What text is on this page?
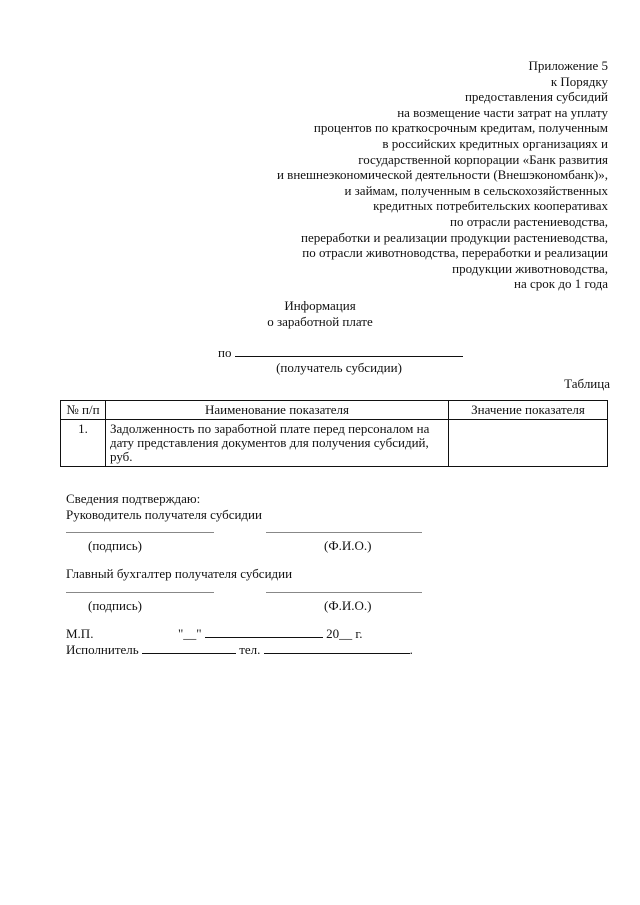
Приложение 5
к Порядку
предоставления субсидий
на возмещение части затрат на уплату
процентов по краткосрочным кредитам, полученным
в российских кредитных организациях и
государственной корпорации «Банк развития
и внешнеэкономической деятельности (Внешэкономбанк)»,
и займам, полученным в сельскохозяйственных
кредитных потребительских кооперативах
по отрасли растениеводства,
переработки и реализации продукции растениеводства,
по отрасли животноводства, переработки и реализации
продукции животноводства,
на срок до 1 года
Информация
о заработной плате
по
(получатель субсидии)
Таблица
№ п/п	Наименование показателя	Значение показателя
1.	Задолженность по заработной плате перед персоналом на дату представления документов для получения субсидий, руб.	
Сведения подтверждаю:
Руководитель получателя субсидии
(подпись)	(Ф.И.О.)
Главный бухгалтер получателя субсидии
(подпись)	(Ф.И.О.)
М.П.	"__"	20__ г.
Исполнитель	тел.	.
